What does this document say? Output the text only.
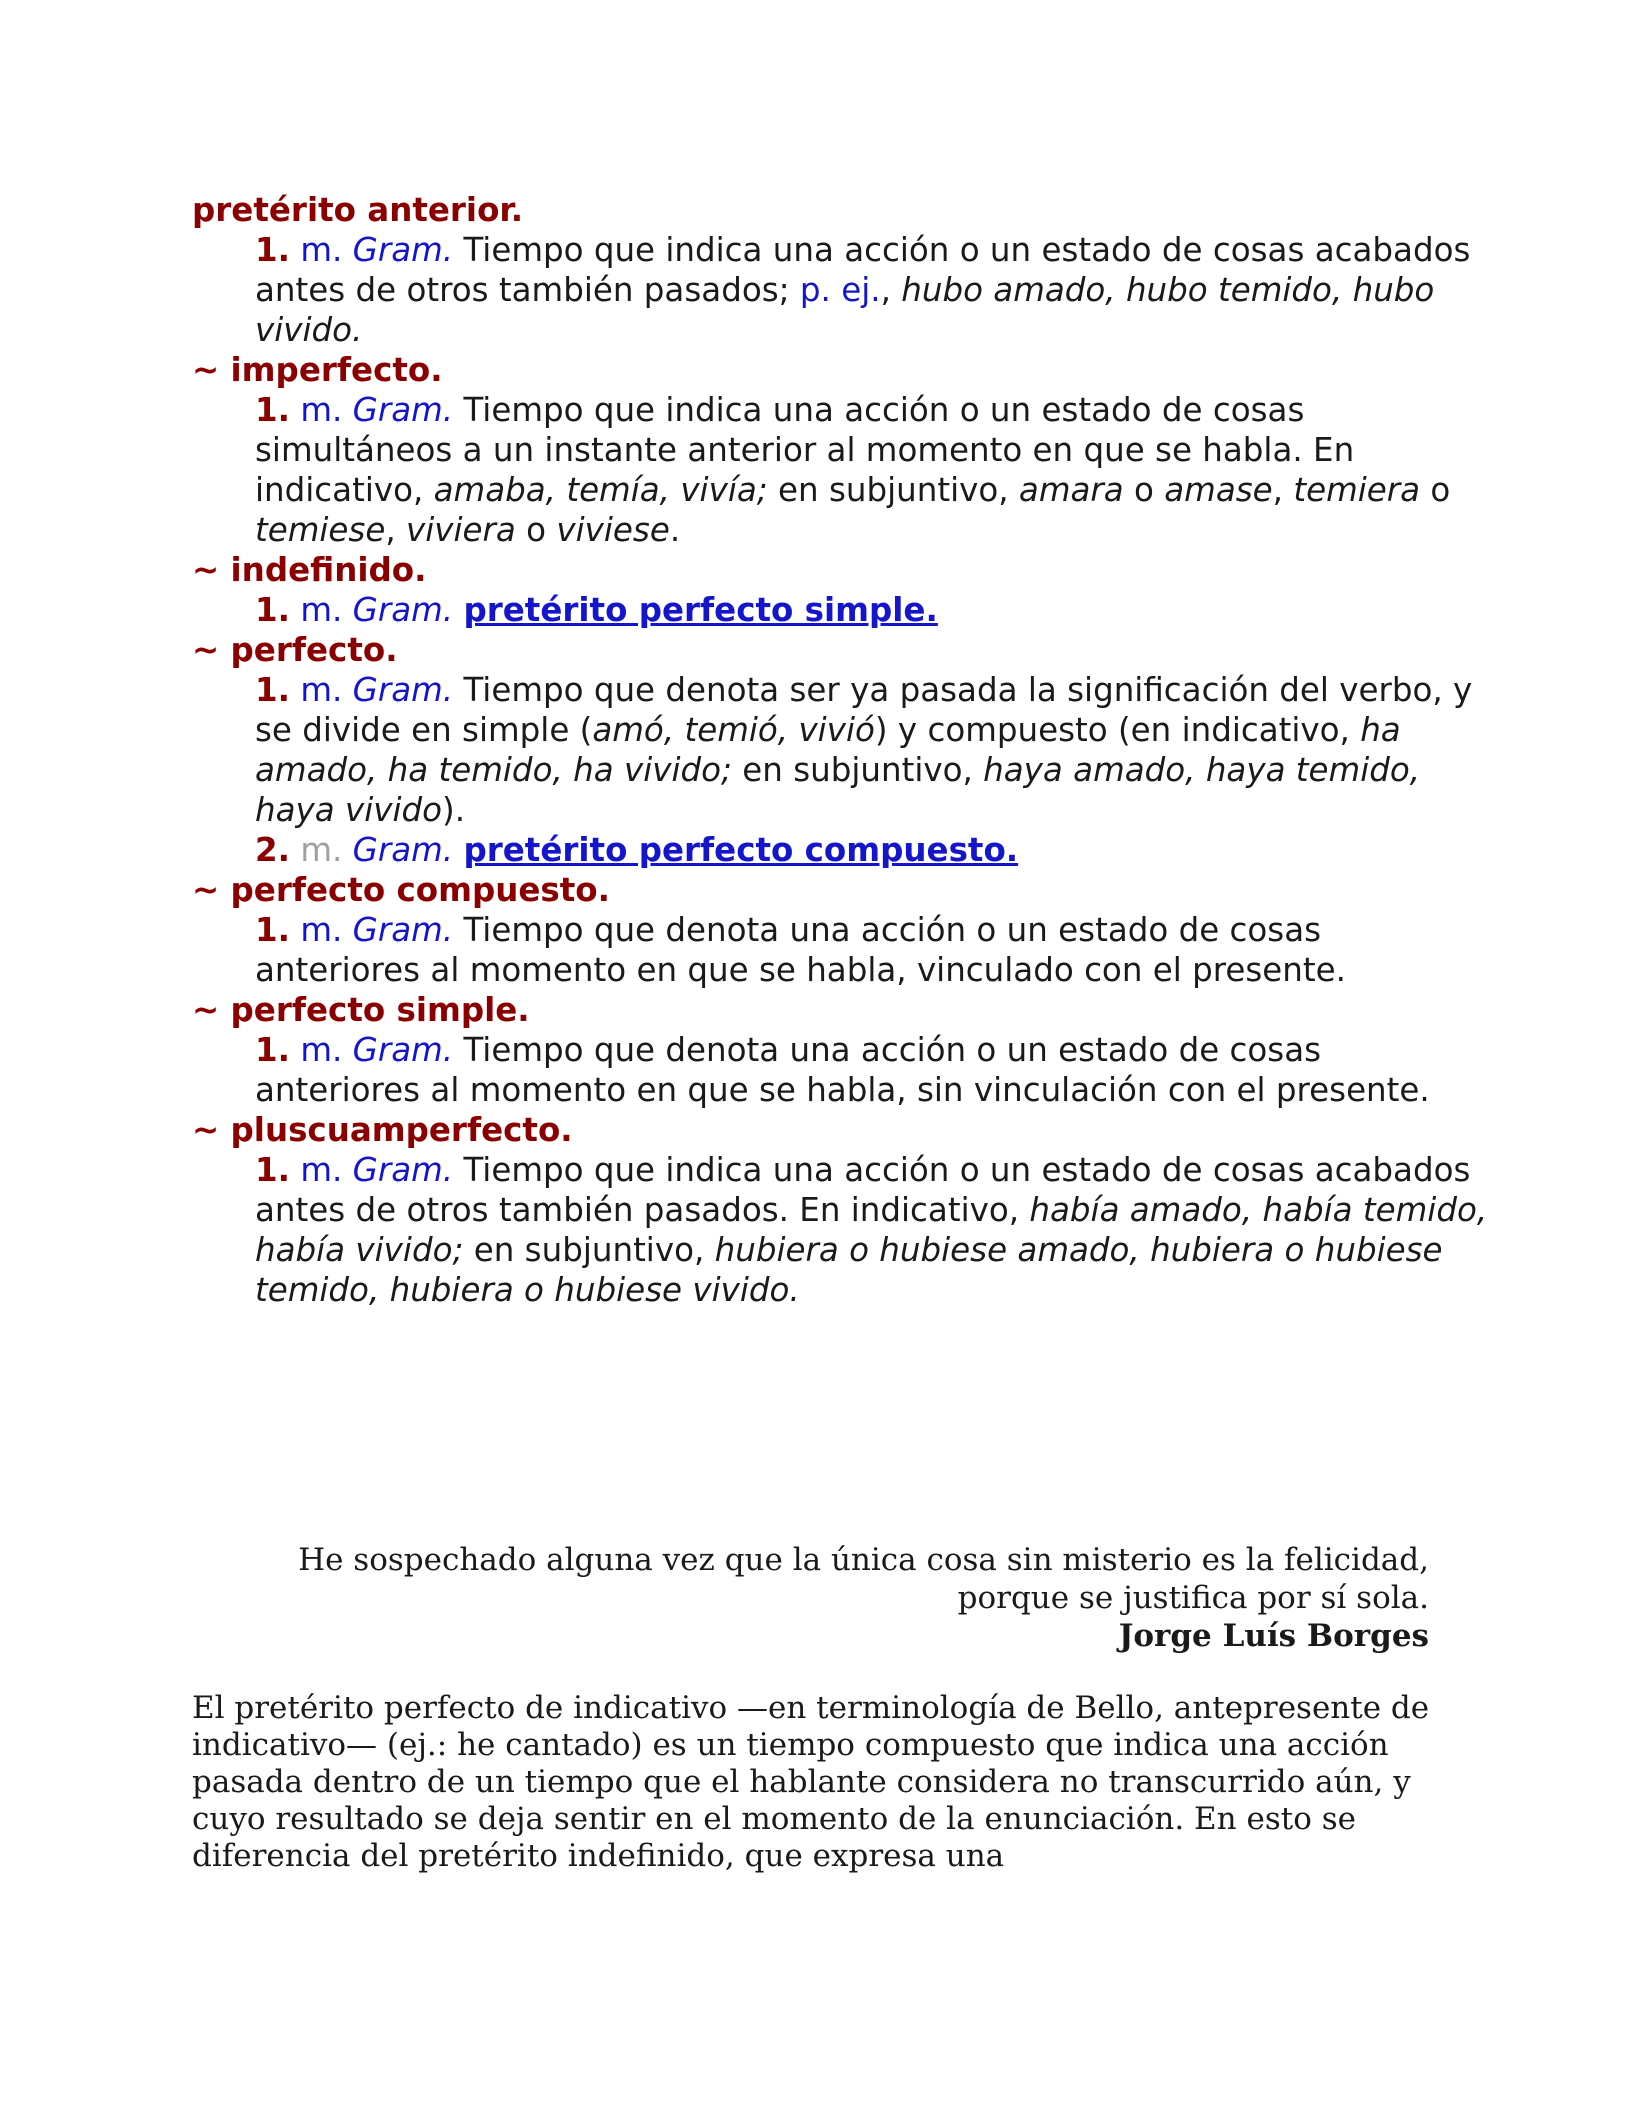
pretérito anterior.
1. m. Gram. Tiempo que indica una acción o un estado de cosas acabados antes de otros también pasados; p. ej., hubo amado, hubo temido, hubo vivido.
~ imperfecto.
1. m. Gram. Tiempo que indica una acción o un estado de cosas simultáneos a un instante anterior al momento en que se habla. En indicativo, amaba, temía, vivía; en subjuntivo, amara o amase, temiera o temiese, viviera o viviese.
~ indefinido.
1. m. Gram. pretérito perfecto simple.
~ perfecto.
1. m. Gram. Tiempo que denota ser ya pasada la significación del verbo, y se divide en simple (amó, temió, vivió) y compuesto (en indicativo, ha amado, ha temido, ha vivido; en subjuntivo, haya amado, haya temido, haya vivido).
2. m. Gram. pretérito perfecto compuesto.
~ perfecto compuesto.
1. m. Gram. Tiempo que denota una acción o un estado de cosas anteriores al momento en que se habla, vinculado con el presente.
~ perfecto simple.
1. m. Gram. Tiempo que denota una acción o un estado de cosas anteriores al momento en que se habla, sin vinculación con el presente.
~ pluscuamperfecto.
1. m. Gram. Tiempo que indica una acción o un estado de cosas acabados antes de otros también pasados. En indicativo, había amado, había temido, había vivido; en subjuntivo, hubiera o hubiese amado, hubiera o hubiese temido, hubiera o hubiese vivido.
He sospechado alguna vez que la única cosa sin misterio es la felicidad,
porque se justifica por sí sola.
Jorge Luís Borges
El pretérito perfecto de indicativo —en terminología de Bello, antepresente de indicativo— (ej.: he cantado) es un tiempo compuesto que indica una acción pasada dentro de un tiempo que el hablante considera no transcurrido aún, y cuyo resultado se deja sentir en el momento de la enunciación. En esto se diferencia del pretérito indefinido, que expresa una
